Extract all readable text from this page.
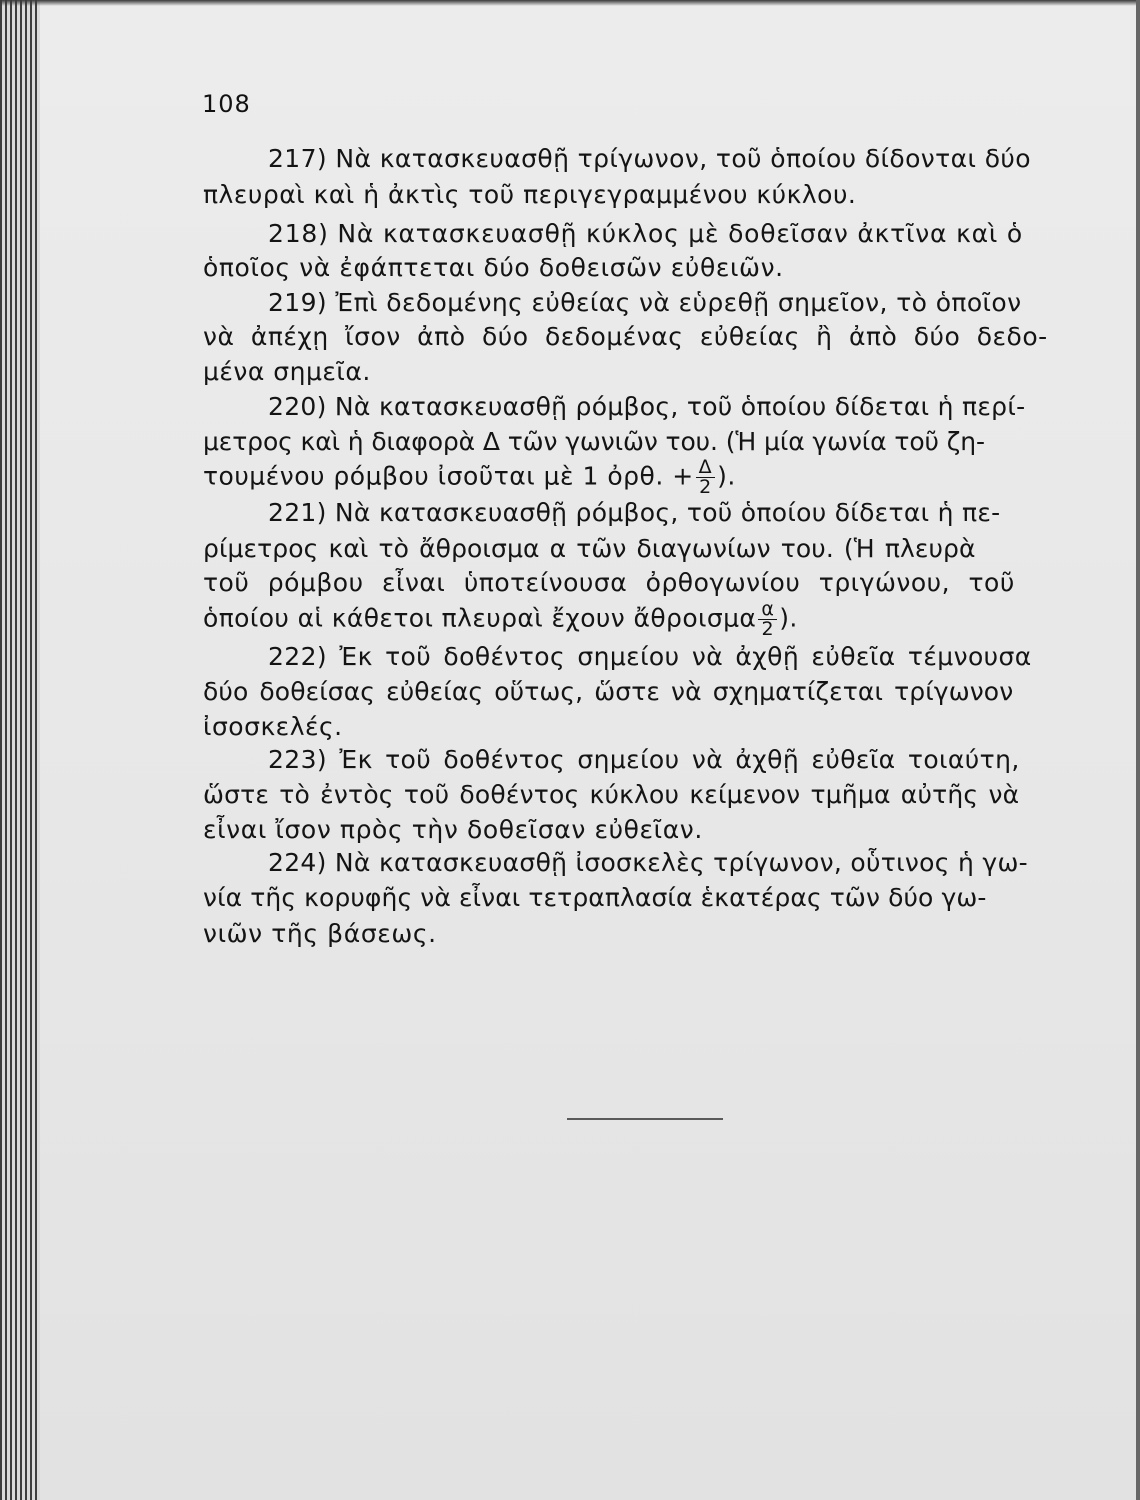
108
217) Νὰ κατασκευασθῇ τρίγωνον, τοῦ ὁποίου δίδονται δύο
πλευραὶ καὶ ἡ ἀκτὶς τοῦ περιγεγραμμένου κύκλου.
218) Νὰ κατασκευασθῇ κύκλος μὲ δοθεῖσαν ἀκτῖνα καὶ ὁ
ὁποῖος νὰ ἐφάπτεται δύο δοθεισῶν εὐθειῶν.
219) Ἐπὶ δεδομένης εὐθείας νὰ εὑρεθῇ σημεῖον, τὸ ὁποῖον
νὰ ἀπέχῃ ἴσον ἀπὸ δύο δεδομένας εὐθείας ἢ ἀπὸ δύο δεδο-
μένα σημεῖα.
220) Νὰ κατασκευασθῇ ρόμβος, τοῦ ὁποίου δίδεται ἡ περί-
μετρος καὶ ἡ διαφορὰ Δ τῶν γωνιῶν του. (Ἡ μία γωνία τοῦ ζη-
τουμένου ρόμβου ἰσοῦται μὲ 1 ὀρθ. + $\frac{\Delta}{2}$ ).
221) Νὰ κατασκευασθῇ ρόμβος, τοῦ ὁποίου δίδεται ἡ πε-
ρίμετρος καὶ τὸ ἄθροισμα α τῶν διαγωνίων του. (Ἡ πλευρὰ
τοῦ ρόμβου εἶναι ὑποτείνουσα ὀρθογωνίου τριγώνου, τοῦ
ὁποίου αἱ κάθετοι πλευραὶ ἔχουν ἄθροισμα $\frac{\alpha}{2}$ ).
222) Ἐκ τοῦ δοθέντος σημείου νὰ ἀχθῇ εὐθεῖα τέμνουσα
δύο δοθείσας εὐθείας οὕτως, ὥστε νὰ σχηματίζεται τρίγωνον
ἰσοσκελές.
223) Ἐκ τοῦ δοθέντος σημείου νὰ ἀχθῇ εὐθεῖα τοιαύτη,
ὥστε τὸ ἐντὸς τοῦ δοθέντος κύκλου κείμενον τμῆμα αὐτῆς νὰ
εἶναι ἴσον πρὸς τὴν δοθεῖσαν εὐθεῖαν.
224) Νὰ κατασκευασθῇ ἰσοσκελὲς τρίγωνον, οὗτινος ἡ γω-
νία τῆς κορυφῆς νὰ εἶναι τετραπλασία ἑκατέρας τῶν δύο γω-
νιῶν τῆς βάσεως.
